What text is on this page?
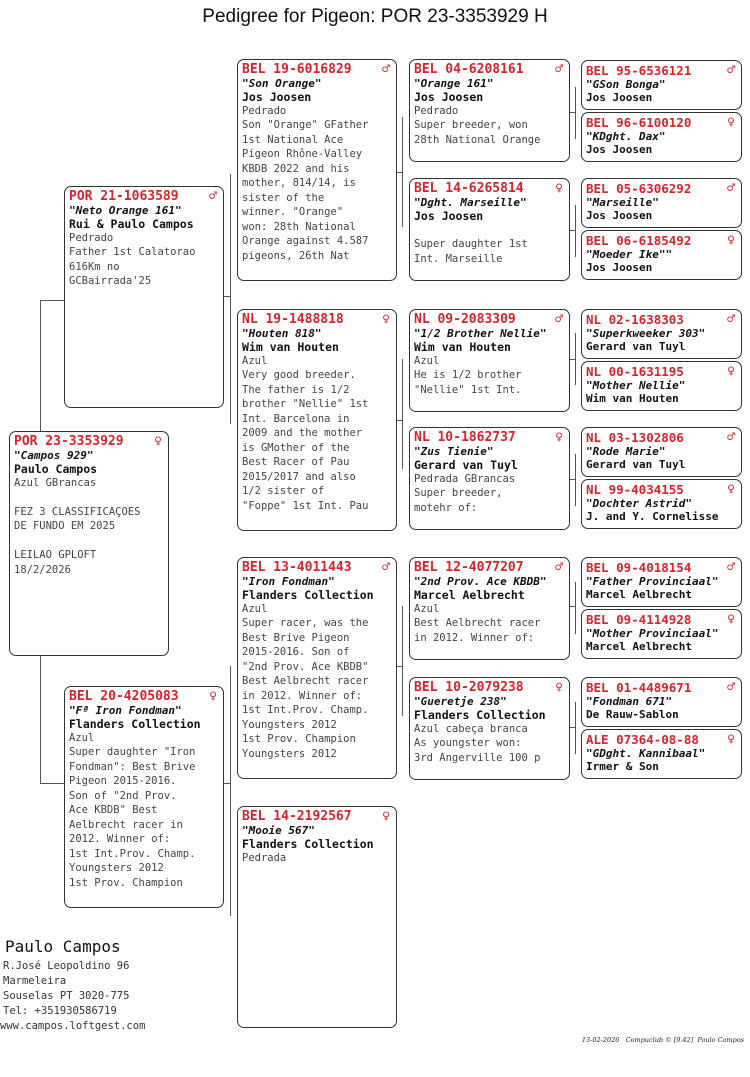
Pedigree for Pigeon: POR 23-3353929 H
POR 23-3353929	♀
"Campos 929"
Paulo Campos
Azul GBrancas

FEZ 3 CLASSIFICAÇOES
DE FUNDO EM 2025

LEILAO GPLOFT
18/2/2026
POR 21-1063589	♂
"Neto Orange 161"
Rui & Paulo Campos
Pedrado
Father 1st Calatorao
616Km no
GCBairrada'25
BEL 20-4205083	♀
"Fª Iron Fondman"
Flanders Collection
Azul
Super daughter "Iron
Fondman": Best Brive
Pigeon 2015-2016.
Son of "2nd Prov.
Ace KBDB" Best
Aelbrecht racer in
2012. Winner of:
1st Int.Prov. Champ.
Youngsters 2012
1st Prov. Champion
BEL 19-6016829	♂
"Son Orange"
Jos Joosen
Pedrado
Son "Orange" GFather
1st National Ace
Pigeon Rhône-Valley
KBDB 2022 and his
mother, 814/14, is
sister of the
winner. "Orange"
won: 28th National
Orange against 4.587
pigeons, 26th Nat
NL 19-1488818	♀
"Houten 818"
Wim van Houten
Azul
Very good breeder.
The father is 1/2
brother "Nellie" 1st
Int. Barcelona in
2009 and the mother
is GMother of the
Best Racer of Pau
2015/2017 and also
1/2 sister of
"Foppe" 1st Int. Pau
BEL 13-4011443	♂
"Iron Fondman"
Flanders Collection
Azul
Super racer, was the
Best Brive Pigeon
2015-2016. Son of
"2nd Prov. Ace KBDB"
Best Aelbrecht racer
in 2012. Winner of:
1st Int.Prov. Champ.
Youngsters 2012
1st Prov. Champion
Youngsters 2012
BEL 14-2192567	♀
"Mooie 567"
Flanders Collection
Pedrada
BEL 04-6208161	♂
"Orange 161"
Jos Joosen
Pedrado
Super breeder, won
28th National Orange
BEL 14-6265814	♀
"Dght. Marseille"
Jos Joosen
Super daughter 1st
Int. Marseille
NL 09-2083309	♂
"1/2 Brother Nellie"
Wim van Houten
Azul
He is 1/2 brother
"Nellie" 1st Int.
NL 10-1862737	♀
"Zus Tienie"
Gerard van Tuyl
Pedrada GBrancas
Super breeder,
motehr of:
BEL 12-4077207	♂
"2nd Prov. Ace KBDB"
Marcel Aelbrecht
Azul
Best Aelbrecht racer
in 2012. Winner of:
BEL 10-2079238	♀
"Gueretje 238"
Flanders Collection
Azul cabeça branca
As youngster won:
3rd Angerville 100 p
BEL 95-6536121	♂
"GSon Bonga"
Jos Joosen
BEL 96-6100120	♀
"KDght. Dax"
Jos Joosen
BEL 05-6306292	♂
"Marseille"
Jos Joosen
BEL 06-6185492	♀
"Moeder Ike""
Jos Joosen
NL 02-1638303	♂
"Superkweeker 303"
Gerard van Tuyl
NL 00-1631195	♀
"Mother Nellie"
Wim van Houten
NL 03-1302806	♂
"Rode Marie"
Gerard van Tuyl
NL 99-4034155	♀
"Dochter Astrid"
J. and Y. Cornelisse
BEL 09-4018154	♂
"Father Provinciaal"
Marcel Aelbrecht
BEL 09-4114928	♀
"Mother Provinciaal"
Marcel Aelbrecht
BEL 01-4489671	♂
"Fondman 671"
De Rauw-Sablon
ALE 07364-08-88	♀
"GDght. Kannibaal"
Irmer & Son
Paulo Campos
R.José Leopoldino 96
Marmeleira
Souselas PT 3020-775
Tel: +351930586719
www.campos.loftgest.com
13-02-2026   Compuclub © [9.42]  Paulo Campos
